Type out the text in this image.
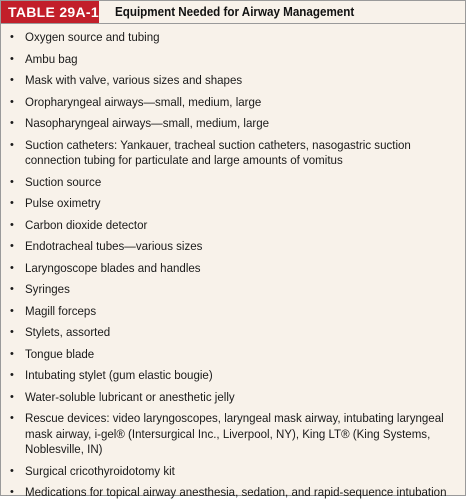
TABLE 29A-1 Equipment Needed for Airway Management
• Oxygen source and tubing
• Ambu bag
• Mask with valve, various sizes and shapes
• Oropharyngeal airways—small, medium, large
• Nasopharyngeal airways—small, medium, large
• Suction catheters: Yankauer, tracheal suction catheters, nasogastric suction connection tubing for particulate and large amounts of vomitus
• Suction source
• Pulse oximetry
• Carbon dioxide detector
• Endotracheal tubes—various sizes
• Laryngoscope blades and handles
• Syringes
• Magill forceps
• Stylets, assorted
• Tongue blade
• Intubating stylet (gum elastic bougie)
• Water-soluble lubricant or anesthetic jelly
• Rescue devices: video laryngoscopes, laryngeal mask airway, intubating laryngeal mask airway, i-gel® (Intersurgical Inc., Liverpool, NY), King LT® (King Systems, Noblesville, IN)
• Surgical cricothyroidotomy kit
• Medications for topical airway anesthesia, sedation, and rapid-sequence intubation
